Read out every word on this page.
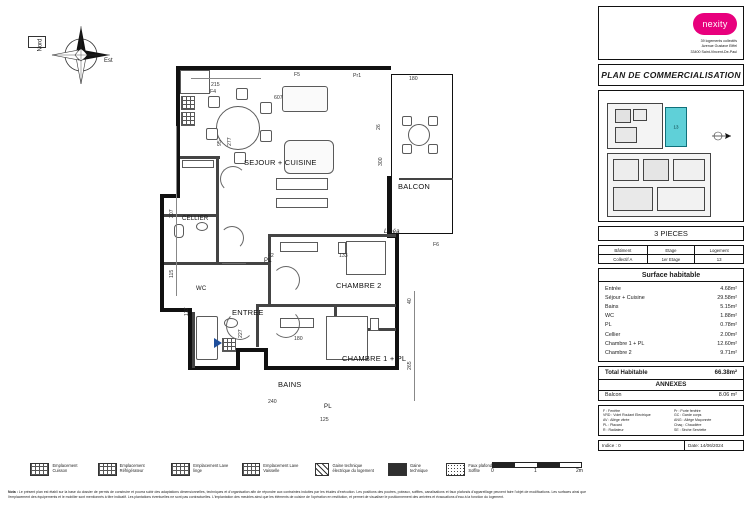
Nord
Est
SEJOUR + CUISINE
BALCON
CELLIER
WC
ENTREE
CHAMBRE 2
CHAMBRE 1 + PL
BAINS
PL
PL
Linéa
607
180
215
42	133
95 277
26
300
207
115
137
227
180
40
265
240
125
F4
F5
F6
Pr1
Emplacement Cuisson
Emplacement Réfrigérateur
Emplacement Lave linge
Emplacement Lave Vaisselle
Gaine technique électrique du logement
Gaine technique
Faux plafond Soffite	0	1	2m
Nota : Le présent plan est établi sur la base du dossier de permis de construire et pourra subir des adaptations dimensionnelles, techniques et d'organisation afin de répondre aux contraintes induites par les études d'exécution. Les positions des poutres, poteaux, soffites, canalisations et faux plafonds d'appareillage peuvent faire l'objet de modifications. Les surfaces ainsi que l'emplacement des équipements et le mobilier sont mentionnés à titre indicatif. Les plantations éventuelles ne sont pas contractuelles. L'implantation des meubles ainsi que les éléments de cuisine de l'opération en restitution, et permet de visualiser le positionnement des arrivées et évacuations d'eau à la fonction du logement.
nexity
39 logements collectifs
Avenue Gustave Eiffel
33400 Saint-Vincent-De-Paul
PLAN DE COMMERCIALISATION
13
3 PIECES
Bâtiment	Etage	Logement
Collectif A	1er Etage	13
Surface habitable
Entrée	4.68m²
Séjour + Cuisine	29.58m²
Bains	5.15m²
WC	1.88m²
PL	0.78m²
Cellier	2.00m²
Chambre 1 + PL	12.60m²
Chambre 2	9.71m²
Total Habitable	66.38m²
ANNEXES
Balcon	8.06 m²
F : Fenêtre
VRD : Volet Roulant Electrique
AV : Allège vitrée
PL : Placard
R : Radiateur
Pr : Porte fenêtre
GC : Garde corps
ANG : Allège Maçonnée
Chaq : Chaudière
SE : Sèche Serviette
Indice : 0	Date: 14/06/2024
